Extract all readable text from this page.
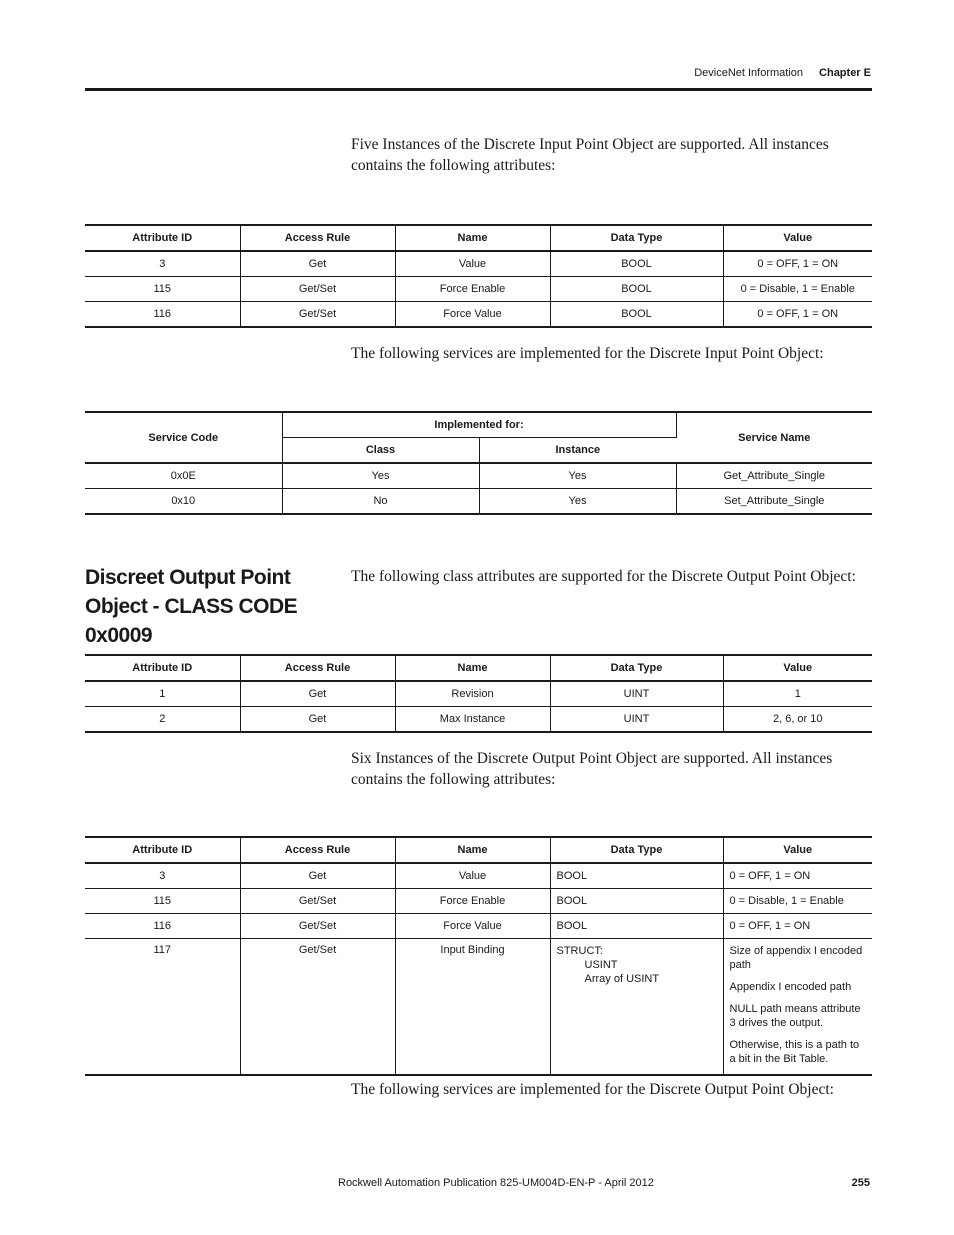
DeviceNet Information Chapter E

Five Instances of the Discrete Input Point Object are supported. All instances contains the following attributes:

Attribute ID	Access Rule	Name	Data Type	Value
3	Get	Value	BOOL	0 = OFF, 1 = ON
115	Get/Set	Force Enable	BOOL	0 = Disable, 1 = Enable
116	Get/Set	Force Value	BOOL	0 = OFF, 1 = ON

The following services are implemented for the Discrete Input Point Object:

Service Code	Implemented for:		Service Name
	Class	Instance	
0x0E	Yes	Yes	Get_Attribute_Single
0x10	No	Yes	Set_Attribute_Single
Discreet Output Point Object - CLASS CODE 0x0009

The following class attributes are supported for the Discrete Output Point Object:

Attribute ID	Access Rule	Name	Data Type	Value
1	Get	Revision	UINT	1
2	Get	Max Instance	UINT	2, 6, or 10

Six Instances of the Discrete Output Point Object are supported. All instances contains the following attributes:

Attribute ID	Access Rule	Name	Data Type	Value
3	Get	Value	BOOL	0 = OFF, 1 = ON
115	Get/Set	Force Enable	BOOL	0 = Disable, 1 = Enable
116	Get/Set	Force Value	BOOL	0 = OFF, 1 = ON
117	Get/Set	Input Binding	STRUCT:
USINT
Array of USINT	Size of appendix I encoded path
Appendix I encoded path
NULL path means attribute 3 drives the output.
Otherwise, this is a path to a bit in the Bit Table.

The following services are implemented for the Discrete Output Point Object:

Rockwell Automation Publication 825-UM004D-EN-P - April 2012	255
